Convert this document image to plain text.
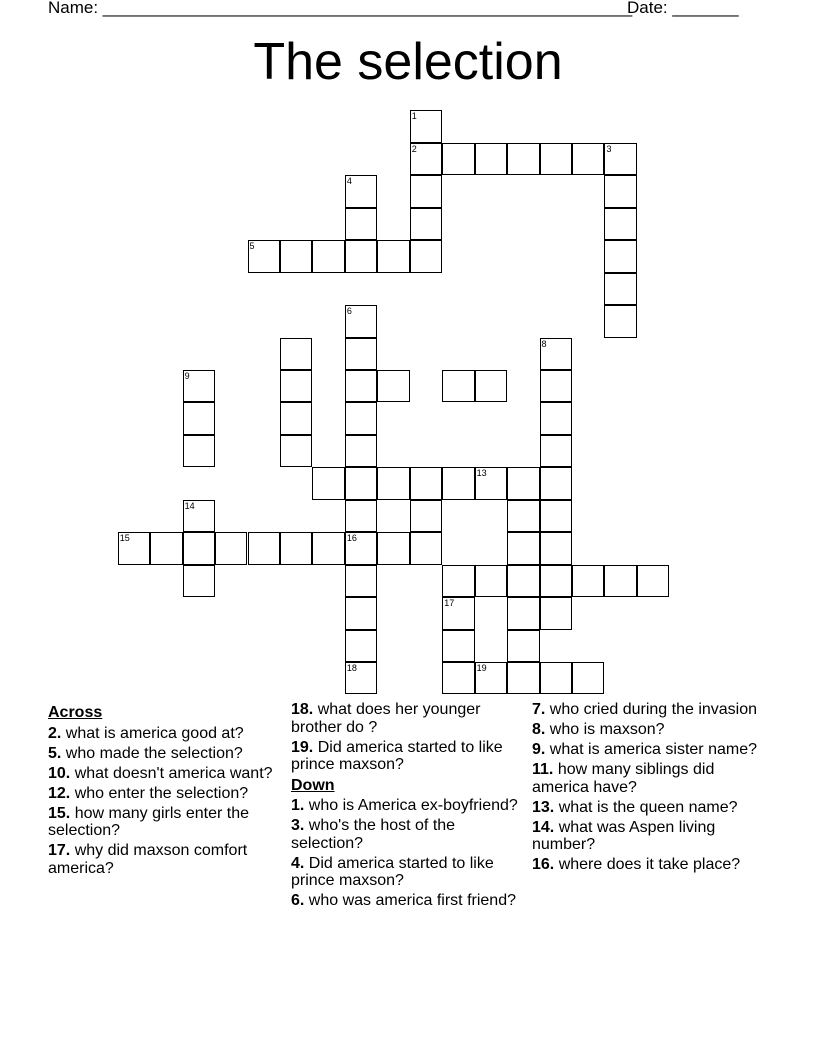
Name: ________________________________________________________
Date: _______
The selection
1
2	3
4
5
6
16
18
8
9
13
14
15
17
19
Across
2. what is america good at?
5. who made the selection?
10. what doesn't america want?
12. who enter the selection?
15. how many girls enter the selection?
17. why did maxson comfort america?
18. what does her younger brother do ?
19. Did america started to like prince maxson?
Down
1. who is America ex-boyfriend?
3. who's the host of the selection?
4. Did america started to like prince maxson?
6. who was america first friend?
7. who cried during the invasion
8. who is maxson?
9. what is america sister name?
11. how many siblings did america have?
13. what is the queen name?
14. what was Aspen living number?
16. where does it take place?
